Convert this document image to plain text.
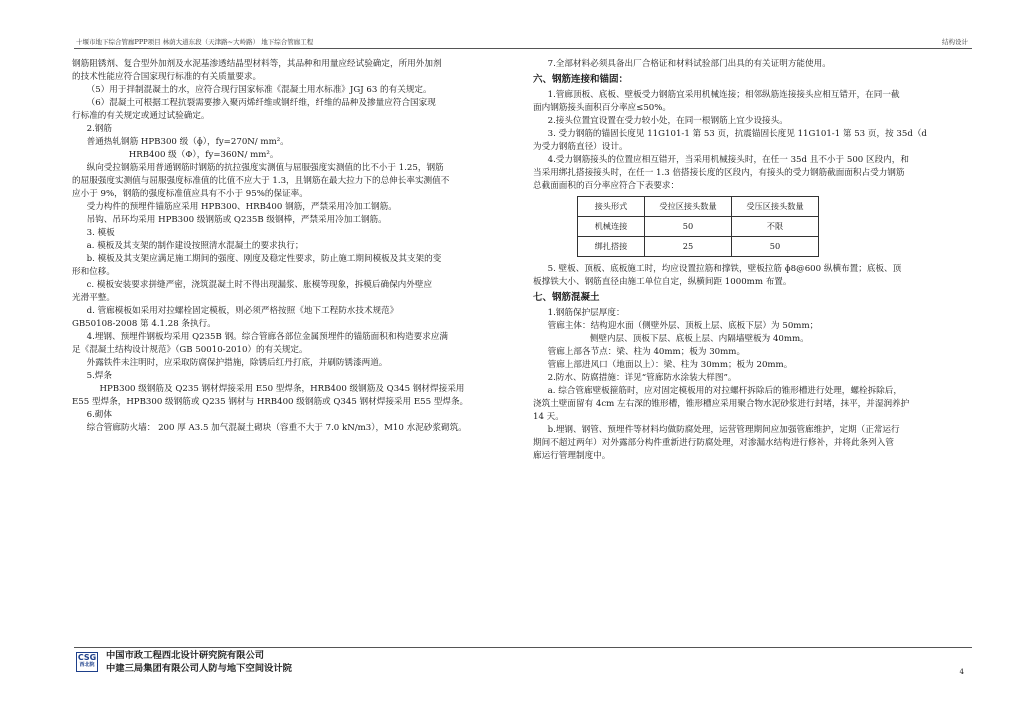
十堰市地下综合管廊PPP项目 林荫大道东段（天津路~大岭路） 地下综合管廊工程	结构设计

钢筋阻锈剂、复合型外加剂及水泥基渗透结晶型材料等，其品种和用量应经试验确定，所用外加剂

的技术性能应符合国家现行标准的有关质量要求。

（5）用于拌制混凝土的水，应符合现行国家标准《混凝土用水标准》JGJ 63 的有关规定。

（6）混凝土可根据工程抗裂需要掺入聚丙烯纤维或钢纤维，纤维的品种及掺量应符合国家现

行标准的有关规定或通过试验确定。

2.钢筋

普通热轧钢筋 HPB300 级（ɸ），fy=270N/ mm²。

HRB400 级（Φ），fy=360N/ mm²。

纵向受拉钢筋采用普通钢筋时钢筋的抗拉强度实测值与屈服强度实测值的比不小于 1.25，钢筋

的屈服强度实测值与屈服强度标准值的比值不应大于 1.3，且钢筋在最大拉力下的总伸长率实测值不

应小于 9%，钢筋的强度标准值应具有不小于 95%的保证率。

受力构件的预埋件锚筋应采用 HPB300、HRB400 钢筋，严禁采用冷加工钢筋。

吊钩、吊环均采用 HPB300 级钢筋或 Q235B 级钢棒，严禁采用冷加工钢筋。

3. 模板

a. 模板及其支架的制作建设按照清水混凝土的要求执行；

b. 模板及其支架应满足施工期间的强度、刚度及稳定性要求，防止施工期间模板及其支架的变

形和位移。

c. 模板安装要求拼缝严密，浇筑混凝土时不得出现漏浆、胀模等现象，拆模后确保内外壁应

光滑平整。

d. 管廊模板如采用对拉螺栓固定模板，则必须严格按照《地下工程防水技术规范》

GB50108-2008 第 4.1.28 条执行。

4.埋钢、预埋件钢板均采用 Q235B 钢。综合管廊各部位金属预埋件的锚筋面积和构造要求应满

足《混凝土结构设计规范》（GB 50010-2010）的有关规定。

外露铁件未注明时，应采取防腐保护措施，除锈后红丹打底，并刷防锈漆两道。

5.焊条

HPB300 级钢筋及 Q235 钢材焊接采用 E50 型焊条，HRB400 级钢筋及 Q345 钢材焊接采用

E55 型焊条，HPB300 级钢筋或 Q235 钢材与 HRB400 级钢筋或 Q345 钢材焊接采用 E55 型焊条。

6.砌体

综合管廊防火墙： 200 厚 A3.5 加气混凝土砌块（容重不大于 7.0 kN/m3），M10 水泥砂浆砌筑。

7.全部材料必须具备出厂合格证和材料试验部门出具的有关证明方能使用。

六、钢筋连接和锚固：

1.管廊顶板、底板、壁板受力钢筋宜采用机械连接；相邻纵筋连接接头应相互错开，在同一截

面内钢筋接头面积百分率应≤50%。

2.接头位置宜设置在受力较小处，在同一根钢筋上宜少设接头。

3. 受力钢筋的锚固长度见 11G101-1 第 53 页，抗震锚固长度见 11G101-1 第 53 页，按 35d（d

为受力钢筋直径）设计。

4.受力钢筋接头的位置应相互错开，当采用机械接头时，在任一 35d 且不小于 500 区段内，和

当采用绑扎搭接接头时，在任一 1.3 倍搭接长度的区段内，有接头的受力钢筋截面面积占受力钢筋

总截面面积的百分率应符合下表要求：

接头形式	受拉区接头数量	受压区接头数量
机械连接	50	不限
绑扎搭接	25	50

5. 壁板、顶板、底板施工时，均应设置拉筋和撑铁，壁板拉筋 ɸ8@600 纵横布置；底板、顶

板撑铁大小、钢筋直径由施工单位自定，纵横间距 1000mm 布置。

七、钢筋混凝土

1.钢筋保护层厚度：

管廊主体：结构迎水面（侧壁外层、顶板上层、底板下层）为 50mm；

侧壁内层、顶板下层、底板上层、内隔墙壁板为 40mm。

管廊上部各节点：梁、柱为 40mm；板为 30mm。

管廊上部进风口（地面以上）：梁、柱为 30mm；板为 20mm。

2.防水、防腐措施：详见“管廊防水涂装大样图”。

a. 综合管廊壁板箍筋时，应对固定模板用的对拉螺杆拆除后的锥形槽进行处理，螺栓拆除后，

浇筑土壁面留有 4cm 左右深的锥形槽，锥形槽应采用聚合物水泥砂浆进行封堵，抹平，并湿润养护

14 天。

b.埋钢、钢管、预埋件等材料均做防腐处理，运营管理期间应加强管廊维护，定期（正常运行

期间不超过两年）对外露部分构件重新进行防腐处理，对渗漏水结构进行修补，并将此条列入管

廊运行管理制度中。

CSG
西北院
中国市政工程西北设计研究院有限公司
中建三局集团有限公司人防与地下空间设计院	4
